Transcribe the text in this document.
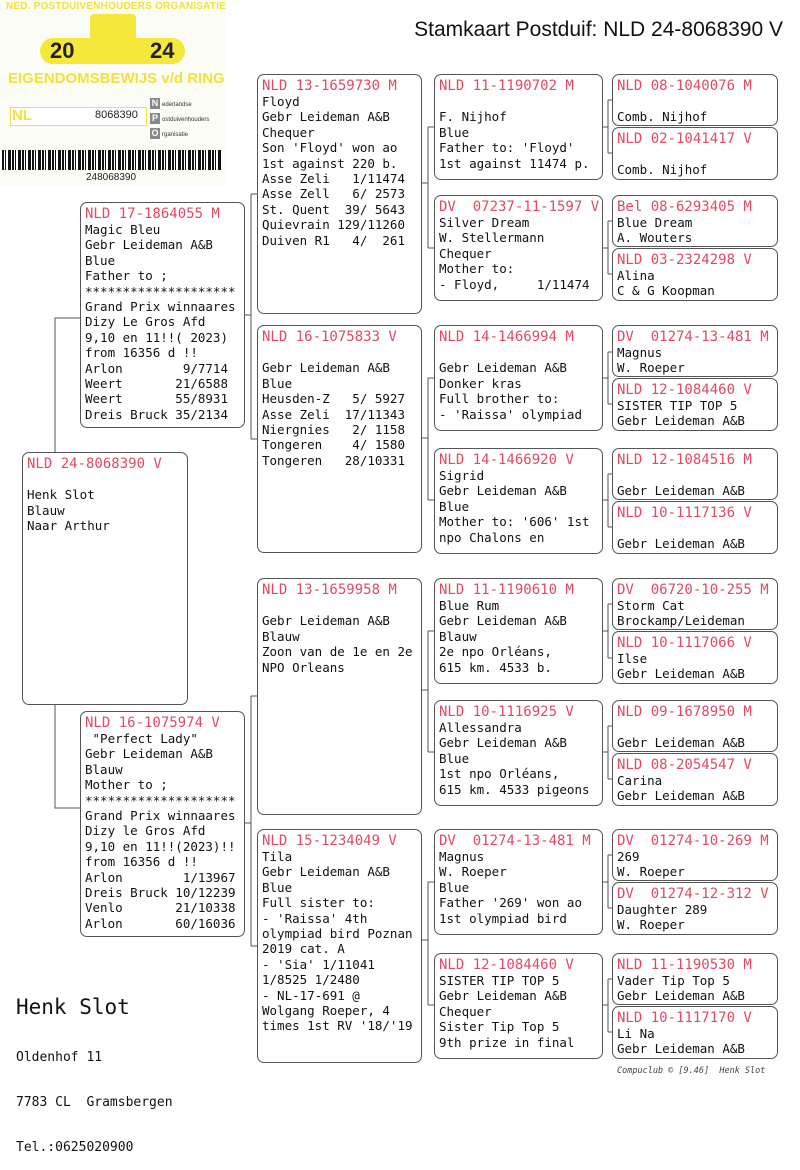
NED. POSTDUIVENHOUDERS ORGANISATIE
20	24
EIGENDOMSBEWIJS v/d RING
NL	8068390
N ederlandse
P ostduivenhouders
O rganisatie
248068390
Stamkaart Postduif: NLD 24-8068390 V
NLD 24-8068390 V
Henk Slot
Blauw
Naar Arthur
NLD 17-1864055 M
Magic Bleu
Gebr Leideman A&B
Blue
Father to ;
********************
Grand Prix winnaares
Dizy Le Gros Afd
9,10 en 11!!( 2023)
from 16356 d !!
Arlon        9/7714
Weert       21/6588
Weert       55/8931
Dreis Bruck 35/2134
NLD 16-1075974 V
"Perfect Lady"
Gebr Leideman A&B
Blauw
Mother to ;
********************
Grand Prix winnaares
Dizy le Gros Afd
9,10 en 11!!(2023)!!
from 16356 d !!
Arlon        1/13967
Dreis Bruck 10/12239
Venlo       21/10338
Arlon       60/16036
NLD 13-1659730 M
Floyd
Gebr Leideman A&B
Chequer
Son 'Floyd' won ao
1st against 220 b.
Asse Zeli   1/11474
Asse Zell   6/ 2573
St. Quent  39/ 5643
Quievrain 129/11260
Duiven R1   4/  261
NLD 16-1075833 V
Gebr Leideman A&B
Blue
Heusden-Z   5/ 5927
Asse Zeli  17/11343
Niergnies   2/ 1158
Tongeren    4/ 1580
Tongeren   28/10331
NLD 13-1659958 M
Gebr Leideman A&B
Blauw
Zoon van de 1e en 2e
NPO Orleans
NLD 15-1234049 V
Tila
Gebr Leideman A&B
Blue
Full sister to:
- 'Raissa' 4th
olympiad bird Poznan
2019 cat. A
- 'Sia' 1/11041
1/8525 1/2480
- NL-17-691 @
Wolgang Roeper, 4
times 1st RV '18/'19
NLD 11-1190702 M
F. Nijhof
Blue
Father to: 'Floyd'
1st against 11474 p.
DV  07237-11-1597 V
Silver Dream
W. Stellermann
Chequer
Mother to:
- Floyd,     1/11474
NLD 14-1466994 M
Gebr Leideman A&B
Donker kras
Full brother to:
- 'Raissa' olympiad
NLD 14-1466920 V
Sigrid
Gebr Leideman A&B
Blue
Mother to: '606' 1st
npo Chalons en
NLD 11-1190610 M
Blue Rum
Gebr Leideman A&B
Blauw
2e npo Orléans,
615 km. 4533 b.
NLD 10-1116925 V
Allessandra
Gebr Leideman A&B
Blue
1st npo Orléans,
615 km. 4533 pigeons
DV  01274-13-481 M
Magnus
W. Roeper
Blue
Father '269' won ao
1st olympiad bird
NLD 12-1084460 V
SISTER TIP TOP 5
Gebr Leideman A&B
Chequer
Sister Tip Top 5
9th prize in final
NLD 08-1040076 M
Comb. Nijhof
NLD 02-1041417 V
Comb. Nijhof
Bel 08-6293405 M
Blue Dream
A. Wouters
NLD 03-2324298 V
Alina
C & G Koopman
DV  01274-13-481 M
Magnus
W. Roeper
NLD 12-1084460 V
SISTER TIP TOP 5
Gebr Leideman A&B
NLD 12-1084516 M
Gebr Leideman A&B
NLD 10-1117136 V
Gebr Leideman A&B
DV  06720-10-255 M
Storm Cat
Brockamp/Leideman
NLD 10-1117066 V
Ilse
Gebr Leideman A&B
NLD 09-1678950 M
Gebr Leideman A&B
NLD 08-2054547 V
Carina
Gebr Leideman A&B
DV  01274-10-269 M
269
W. Roeper
DV  01274-12-312 V
Daughter 289
W. Roeper
NLD 11-1190530 M
Vader Tip Top 5
Gebr Leideman A&B
NLD 10-1117170 V
Li Na
Gebr Leideman A&B

Henk Slot

Oldenhof 11

7783 CL  Gramsbergen

Tel.:0625020900

Compuclub © [9.46]  Henk Slot
